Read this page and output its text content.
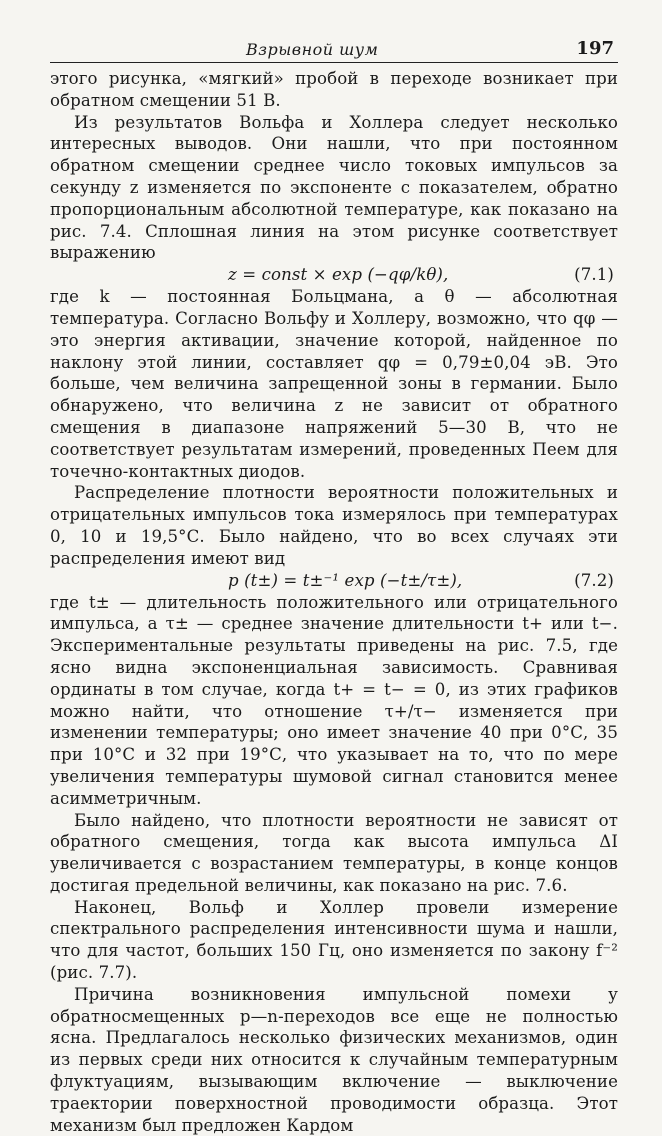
Взрывной шум	197

этого рисунка, «мягкий» пробой в переходе возникает при обратном смещении 51 В.

Из результатов Вольфа и Холлера следует несколько интересных выводов. Они нашли, что при постоянном обратном смещении среднее число токовых импульсов за секунду z изменяется по экспоненте с показателем, обратно пропорциональным абсолютной температуре, как показано на рис. 7.4. Сплошная линия на этом рисунке соответствует выражению

z = const × exp (−qφ/kθ),	(7.1)

где k — постоянная Больцмана, а θ — абсолютная температура. Согласно Вольфу и Холлеру, возможно, что qφ — это энергия активации, значение которой, найденное по наклону этой линии, составляет qφ = 0,79±0,04 эВ. Это больше, чем величина запрещенной зоны в германии. Было обнаружено, что величина z не зависит от обратного смещения в диапазоне напряжений 5—30 В, что не соответствует результатам измерений, проведенных Пеем для точечно-контактных диодов.

Распределение плотности вероятности положительных и отрицательных импульсов тока измерялось при температурах 0, 10 и 19,5°С. Было найдено, что во всех случаях эти распределения имеют вид

p (t±) = t±⁻¹ exp (−t±/τ±),	(7.2)

где t± — длительность положительного или отрицательного импульса, а τ± — среднее значение длительности t+ или t−. Экспериментальные результаты приведены на рис. 7.5, где ясно видна экспоненциальная зависимость. Сравнивая ординаты в том случае, когда t+ = t− = 0, из этих графиков можно найти, что отношение τ+/τ− изменяется при изменении температуры; оно имеет значение 40 при 0°С, 35 при 10°С и 32 при 19°С, что указывает на то, что по мере увеличения температуры шумовой сигнал становится менее асимметричным.

Было найдено, что плотности вероятности не зависят от обратного смещения, тогда как высота импульса ΔI увеличивается с возрастанием температуры, в конце концов достигая предельной величины, как показано на рис. 7.6.

Наконец, Вольф и Холлер провели измерение спектрального распределения интенсивности шума и нашли, что для частот, больших 150 Гц, оно изменяется по закону f⁻² (рис. 7.7).

Причина возникновения импульсной помехи у обратносмещенных p—n-переходов все еще не полностью ясна. Предлагалось несколько физических механизмов, один из первых среди них относится к случайным температурным флуктуациям, вызывающим включение — выключение траектории поверхностной проводимости образца. Этот механизм был предложен Кардом
